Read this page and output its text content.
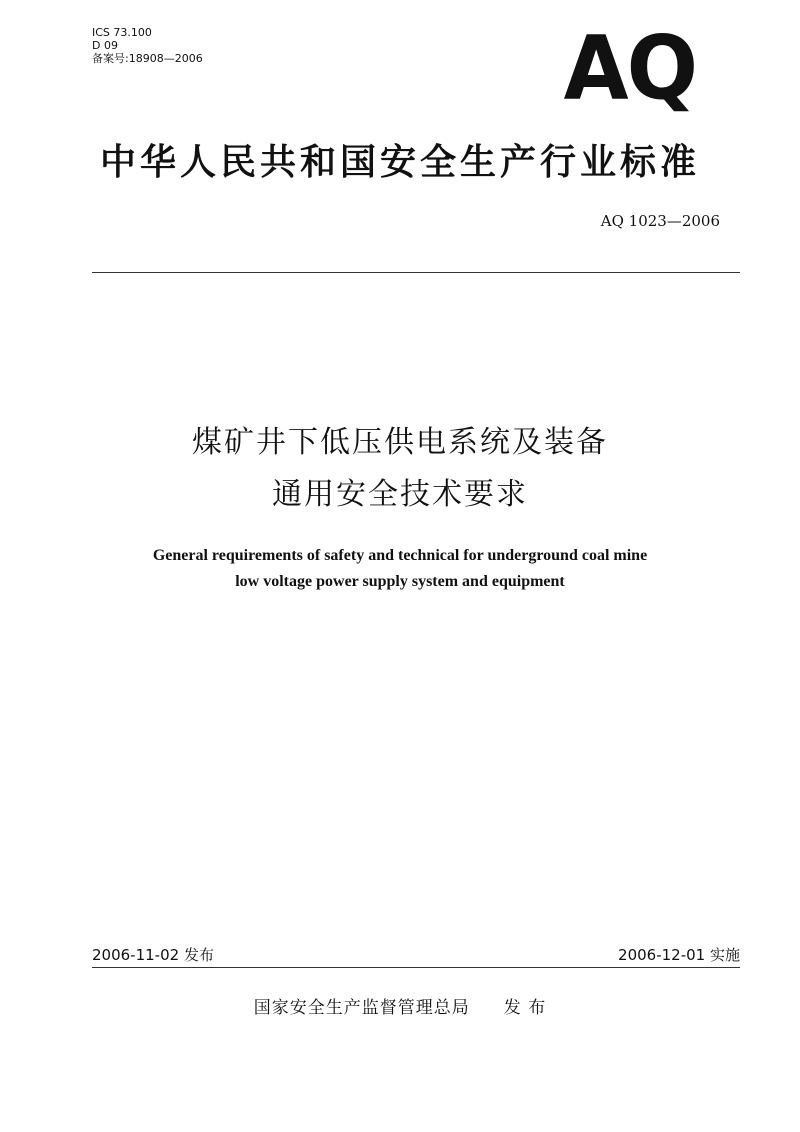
ICS 73.100
D 09
备案号:18908—2006	AQ
中华人民共和国安全生产行业标准
AQ 1023—2006
煤矿井下低压供电系统及装备
通用安全技术要求
General requirements of safety and technical for underground coal mine
low voltage power supply system and equipment
2006-11-02 发布	2006-12-01 实施
国家安全生产监督管理总局 发 布
